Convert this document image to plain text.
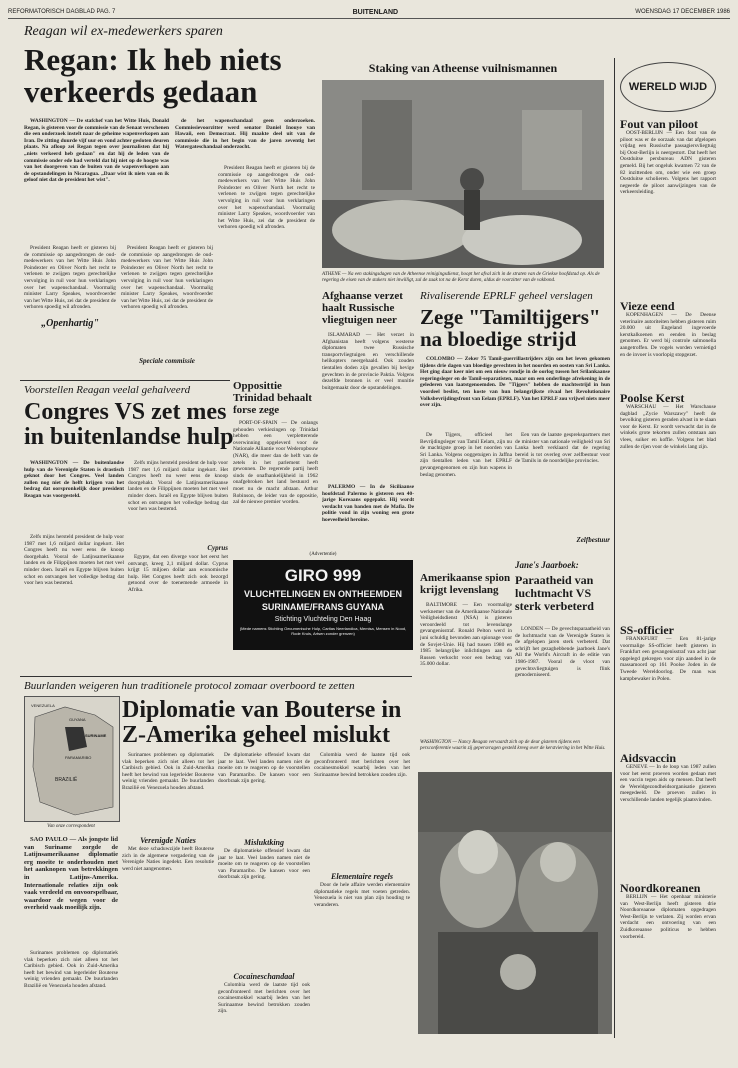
REFORMATORISCH DAGBLAD PAG. 7	BUITENLAND	WOENSDAG 17 DECEMBER 1986
Reagan wil ex-medewerkers sparen
Regan: Ik heb niets verkeerds gedaan

WASHINGTON — De stafchef van het Witte Huis, Donald Regan, is gisteren voor de commissie van de Senaat verschenen die een onderzoek instelt naar de geheime wapenverkopen aan Iran. De zitting duurde vijf uur en vond achter gesloten deuren plaats. Na afloop zei Regan tegen over journalisten dat hij „niets verkeerd heb gedaan" en dat hij de leden van de commissie onder ede had verteld dat hij niet op de hoogte was van het doorgeven van de buiten van de wapenverkopen aan de opstandelingen in Nicaragua. „Daar wist ik niets van en ik geloof niet dat de president het wist".

de het wapenschandaal geen onderzoeken. Commissievoorzitter werd senator Daniel Inouye van Hawaii, een Democraat. Hij maakte deel uit van de commissie die in het begin van de jaren zeventig het Watergateschandaal onderzocht.

President Reagan heeft er gisteren bij de commissie op aangedrongen de oud-medewerkers van het Witte Huis John Poindexter en Oliver North het recht te verlenen te zwijgen tegen gerechtelijke vervolging in ruil voor hun verklaringen over het wapenschandaal. Voormalig minister Larry Speakes, woordvoerder van het Witte Huis, zei dat de president de verhoren spoedig wil afronden.

„Openhartig"

President Reagan heeft er gisteren bij de commissie op aangedrongen de oud-medewerkers van het Witte Huis John Poindexter en Oliver North het recht te verlenen te zwijgen tegen gerechtelijke vervolging in ruil voor hun verklaringen over het wapenschandaal. Voormalig minister Larry Speakes, woordvoerder van het Witte Huis, zei dat de president de verhoren spoedig wil afronden.

Speciale commissie

President Reagan heeft er gisteren bij de commissie op aangedrongen de oud-medewerkers van het Witte Huis John Poindexter en Oliver North het recht te verlenen te zwijgen tegen gerechtelijke vervolging in ruil voor hun verklaringen over het wapenschandaal. Voormalig minister Larry Speakes, woordvoerder van het Witte Huis, zei dat de president de verhoren spoedig wil afronden.

Staking van Atheense vuilnismannen
ATHENE — Na een stakingsdagen van de Atheense reinigingsdienst, hoopt het afval zich in de straten van de Griekse hoofdstad op. Als de regering de eisen van de stakers niet inwilligt, zal de zaak tot na de Kerst duren, aldus de voorzitter van de vakbond.
WERELD WIJD
Fout van piloot

OOST-BERLIJN — Een fout van de piloot was er de oorzaak van dat afgelopen vrijdag een Russische passagiersvliegtuig bij Oost-Berlijn is neergestort. Dat heeft het Oostduitse persbureau ADN gisteren gemeld. Bij het ongeluk kwamen 72 van de 82 inzittenden om, onder wie een groep Oostduitse scholieren. Volgens het rapport negeerde de piloot aanwijzingen van de verkeersleiding.

Vieze eend

KOPENHAGEN — De Deense veterinaire autoriteiten hebben gisteren ruim 20.000 uit Engeland ingevoerde kerstkalkoenen en eenden in beslag genomen. Er werd bij controle salmonella aangetroffen. De vogels worden vernietigd en de invoer is voorlopig stopgezet.

Poolse Kerst

WARSCHAU — Het Warschause dagblad „Zycie Warszawy" heeft de bevolking gisteren geraden alvast in te slaan voor de Kerst. Er wordt verwacht dat in de winkels grote tekorten zullen ontstaan aan vlees, suiker en koffie. Volgens het blad zullen de rijen voor de winkels lang zijn.

SS-officier

FRANKFURT — Een 81-jarige voormalige SS-officier heeft gisteren in Frankfurt een gevangenisstraf van acht jaar opgelegd gekregen voor zijn aandeel in de massamoord op 161 Poolse Joden in de Tweede Wereldoorlog. De man was kampbewaker in Polen.

Aidsvaccin

GENEVE — In de loop van 1987 zullen voor het eerst proeven worden gedaan met een vaccin tegen aids op mensen. Dat heeft de Wereldgezondheidsorganisatie gisteren meegedeeld. De proeven zullen in verschillende landen tegelijk plaatsvinden.

Noordkoreanen

BERLIJN — Het openbaar ministerie van West-Berlijn heeft gisteren drie Noordkoreaanse diplomaten opgedragen West-Berlijn te verlaten. Zij worden ervan verdacht een ontvoering van een Zuidkoreaanse politicus te hebben voorbereid.

Voorstellen Reagan veelal gehalveerd
Congres VS zet mes in buitenlandse hulp

WASHINGTON — De buitenlandse hulp van de Verenigde Staten is drastisch geknot door het Congres. Veel landen zullen nog niet de helft krijgen van het bedrag dat oorspronkelijk door president Reagan was voorgesteld.

Zelfs mijns hersteld president de hulp voor 1987 met 1,6 miljard dollar ingekort. Het Congres heeft nu weer eens de knoop doorgehakt. Vooral de Latijnsamerikaanse landen en de Filippijnen moeten het met veel minder doen. Israël en Egypte blijven buiten schot en ontvangen het volledige bedrag dat voor hen was bestemd.

Zelfs mijns hersteld president de hulp voor 1987 met 1,6 miljard dollar ingekort. Het Congres heeft nu weer eens de knoop doorgehakt. Vooral de Latijnsamerikaanse landen en de Filippijnen moeten het met veel minder doen. Israël en Egypte blijven buiten schot en ontvangen het volledige bedrag dat voor hen was bestemd.

Cyprus

Egypte, dat een diverge voor het eerst het ontvangt, kreeg 2,1 miljard dollar. Cyprus krijgt 15 miljoen dollar aan economische hulp. Het Congres heeft zich ook bezorgd getoond over de toenemende armoede in Afrika.

Opposittie Trinidad behaalt forse zege

PORT-OF-SPAIN — De onlangs gehouden verkiezingen op Trinidad hebben een verpletterende overwinning opgeleverd voor de Nationale Alliantie voor Wederopbouw (NAR), die meer dan de helft van de zetels in het parlement heeft gewonnen. De regerende partij heeft sinds de onafhankelijkheid in 1962 onafgebroken het land bestuurd en moet nu de macht afstaan. Arthur Robinson, de leider van de oppositie, zal de nieuwe premier worden.

Afghaanse verzet haalt Russische vliegtuigen neer

ISLAMABAD — Het verzet in Afghanistan heeft volgens westerse diplomaten twee Russische transportvliegtuigen en verschillende helikopters neergehaald. Ook zouden tientallen doden zijn gevallen bij hevige gevechten in de provincie Paktia. Volgens dezelfde bronnen is er veel munitie buitgemaakt door de opstandelingen.

PALERMO — In de Siciliaanse hoofdstad Palermo is gisteren een 40-jarige Koreaans opgepakt. Hij wordt verdacht van banden met de Mafia. De politie vond in zijn woning een grote hoeveelheid heroïne.

(Advertentie)
GIRO 999
VLUCHTELINGEN EN ONTHEEMDEN
SURINAME/FRANS GUYANA
Stichting Vluchteling Den Haag
(Mede namens Stichting Oecumenische Hulp, Caritas Neerlandica, Memisa, Mensen in Nood, Rode Kruis, Artsen zonder grenzen)
Rivaliserende EPRLF geheel verslagen
Zege "Tamiltijgers" na bloedige strijd

COLOMBO — Zeker 75 Tamil-guerrillastrijders zijn om het leven gekomen tijdens drie dagen van bloedige gevechten in het noorden en oosten van Sri Lanka. Het ging daar keer niet om een nieuw rondje in de oorlog tussen het Srilankaanse regeringsleger en de Tamil-separatisten, maar om een onderlinge afrekening in de gelederen van laatstgenoemden. De "Tijgers" hebben de machtsstrijd in hun voordeel beslist, ten koste van hun belangrijkste rivaal het Revolutionaire Volksbevrijdingsfront van Eelam (EPRLF). Van het EPRLF zou vrijwel niets meer over zijn.

De Tijgers, officieel het Bevrijdingsleger van Tamil Eelam, zijn nu de machtigste groep in het noorden van Sri Lanka. Volgens ooggetuigen in Jaffna zijn tientallen leden van het EPRLF gevangengenomen en zijn hun wapens in beslag genomen.

Zelfbestuur

Een van de laatste gesprekspartners met de minister van nationale veiligheid van Sri Lanka heeft verklaard dat de regering bereid is tot overleg over zelfbestuur voor de Tamils in de noordelijke provincies.

Amerikaanse spion krijgt levenslang

BALTIMORE — Een voormalige werknemer van de Amerikaanse Nationale Veiligheidsdienst (NSA) is gisteren veroordeeld tot levenslange gevangenisstraf. Ronald Pelton werd in juni schuldig bevonden aan spionage voor de Sovjet-Unie. Hij had tussen 1980 en 1985 belangrijke inlichtingen aan de Russen verkocht voor een bedrag van 35.000 dollar.

Jane's Jaarboek:
Paraatheid van luchtmacht VS sterk verbeterd

LONDEN — De gevechtsparaatheid van de luchtmacht van de Verenigde Staten is de afgelopen jaren sterk verbeterd. Dat schrijft het gezaghebbende jaarboek Jane's All the World's Aircraft in de editie van 1986-1987. Vooral de vloot van gevechtsvliegtuigen is flink gemoderniseerd.

Buurlanden weigeren hun traditionele protocol zomaar overboord te zetten
VENEZUELA
GUYANA
SURINAME
BRAZILIË
PARAMARIBO
Van onze correspondent
Diplomatie van Bouterse in Z-Amerika geheel mislukt

SAO PAULO — Als jongste lid van Suriname zorgde de Latijnsamerikaanse diplomatie erg moeite te onderhouden met het aanknopen van betrekkingen in Latijns-Amerika. Internationale relaties zijn ook vaak verdeeld en onvoorspelbaar, waardoor de wegen voor de overheid vaak moeilijk zijn.

Surinames problemen op diplomatiek vlak beperken zich niet alleen tot het Caribisch gebied. Ook in Zuid-Amerika heeft het bewind van legerleider Bouterse weinig vrienden gemaakt. De buurlanden Brazilië en Venezuela houden afstand.

Surinames problemen op diplomatiek vlak beperken zich niet alleen tot het Caribisch gebied. Ook in Zuid-Amerika heeft het bewind van legerleider Bouterse weinig vrienden gemaakt. De buurlanden Brazilië en Venezuela houden afstand.

Verenigde Naties

Met deze schaduwzijde heeft Bouterse zich in de algemene vergadering van de Verenigde Naties ingedekt. Een resolutie werd niet aangenomen.

De diplomatieke offensief kwam dat jaar te laat. Veel landen namen niet de moeite om te reageren op de voorstellen van Paramaribo. De kansen voor een doorbraak zijn gering.

Misluktking

De diplomatieke offensief kwam dat jaar te laat. Veel landen namen niet de moeite om te reageren op de voorstellen van Paramaribo. De kansen voor een doorbraak zijn gering.

Cocaineschandaal

Colombia werd de laatste tijd ook geconfronteerd met berichten over het cocainesmokkel waarbij leden van het Surinaamse bewind betrokken zouden zijn.

Colombia werd de laatste tijd ook geconfronteerd met berichten over het cocainesmokkel waarbij leden van het Surinaamse bewind betrokken zouden zijn.

Elementaire regels

Door de hele affaire werden elementaire diplomatieke regels met voeten getreden. Venezuela is niet van plan zijn houding te veranderen.

WASHINGTON — Nancy Reagan vervaardt zich op de deur gisteren tijdens een persconferentie waarin zij gepersvragen gesteld kreeg over de kerstviering in het Witte Huis.
